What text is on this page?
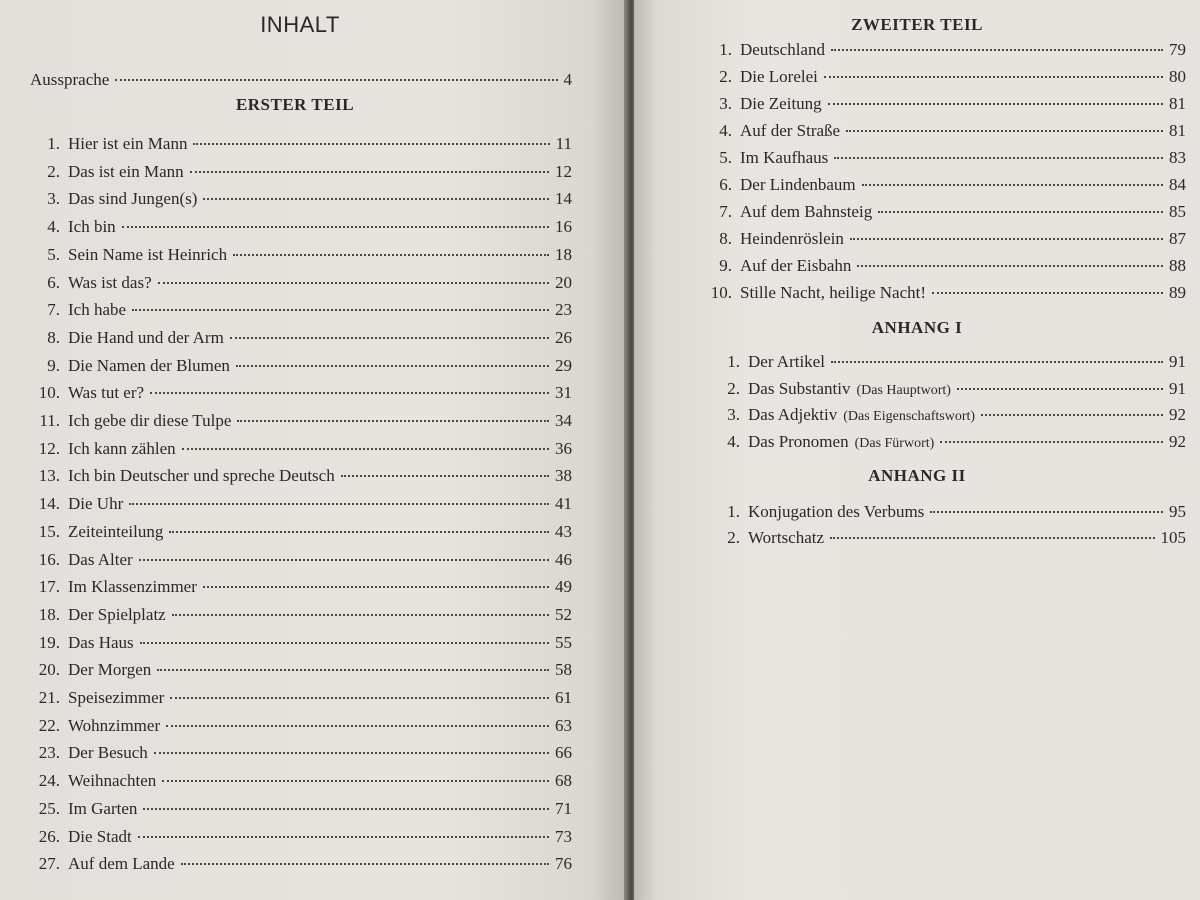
INHALT
Aussprache	4
ERSTER TEIL
1. Hier ist ein Mann	11
2. Das ist ein Mann	12
3. Das sind Jungen(s)	14
4. Ich bin	16
5. Sein Name ist Heinrich	18
6. Was ist das?	20
7. Ich habe	23
8. Die Hand und der Arm	26
9. Die Namen der Blumen	29
10. Was tut er?	31
11. Ich gebe dir diese Tulpe	34
12. Ich kann zählen	36
13. Ich bin Deutscher und spreche Deutsch	38
14. Die Uhr	41
15. Zeiteinteilung	43
16. Das Alter	46
17. Im Klassenzimmer	49
18. Der Spielplatz	52
19. Das Haus	55
20. Der Morgen	58
21. Speisezimmer	61
22. Wohnzimmer	63
23. Der Besuch	66
24. Weihnachten	68
25. Im Garten	71
26. Die Stadt	73
27. Auf dem Lande	76
ZWEITER TEIL
1. Deutschland	79
2. Die Lorelei	80
3. Die Zeitung	81
4. Auf der Straße	81
5. Im Kaufhaus	83
6. Der Lindenbaum	84
7. Auf dem Bahnsteig	85
8. Heindenröslein	87
9. Auf der Eisbahn	88
10. Stille Nacht, heilige Nacht!	89
ANHANG I
1. Der Artikel	91
2. Das Substantiv (Das Hauptwort)	91
3. Das Adjektiv (Das Eigenschaftswort)	92
4. Das Pronomen (Das Fürwort)	92
ANHANG II
1. Konjugation des Verbums	95
2. Wortschatz	105
